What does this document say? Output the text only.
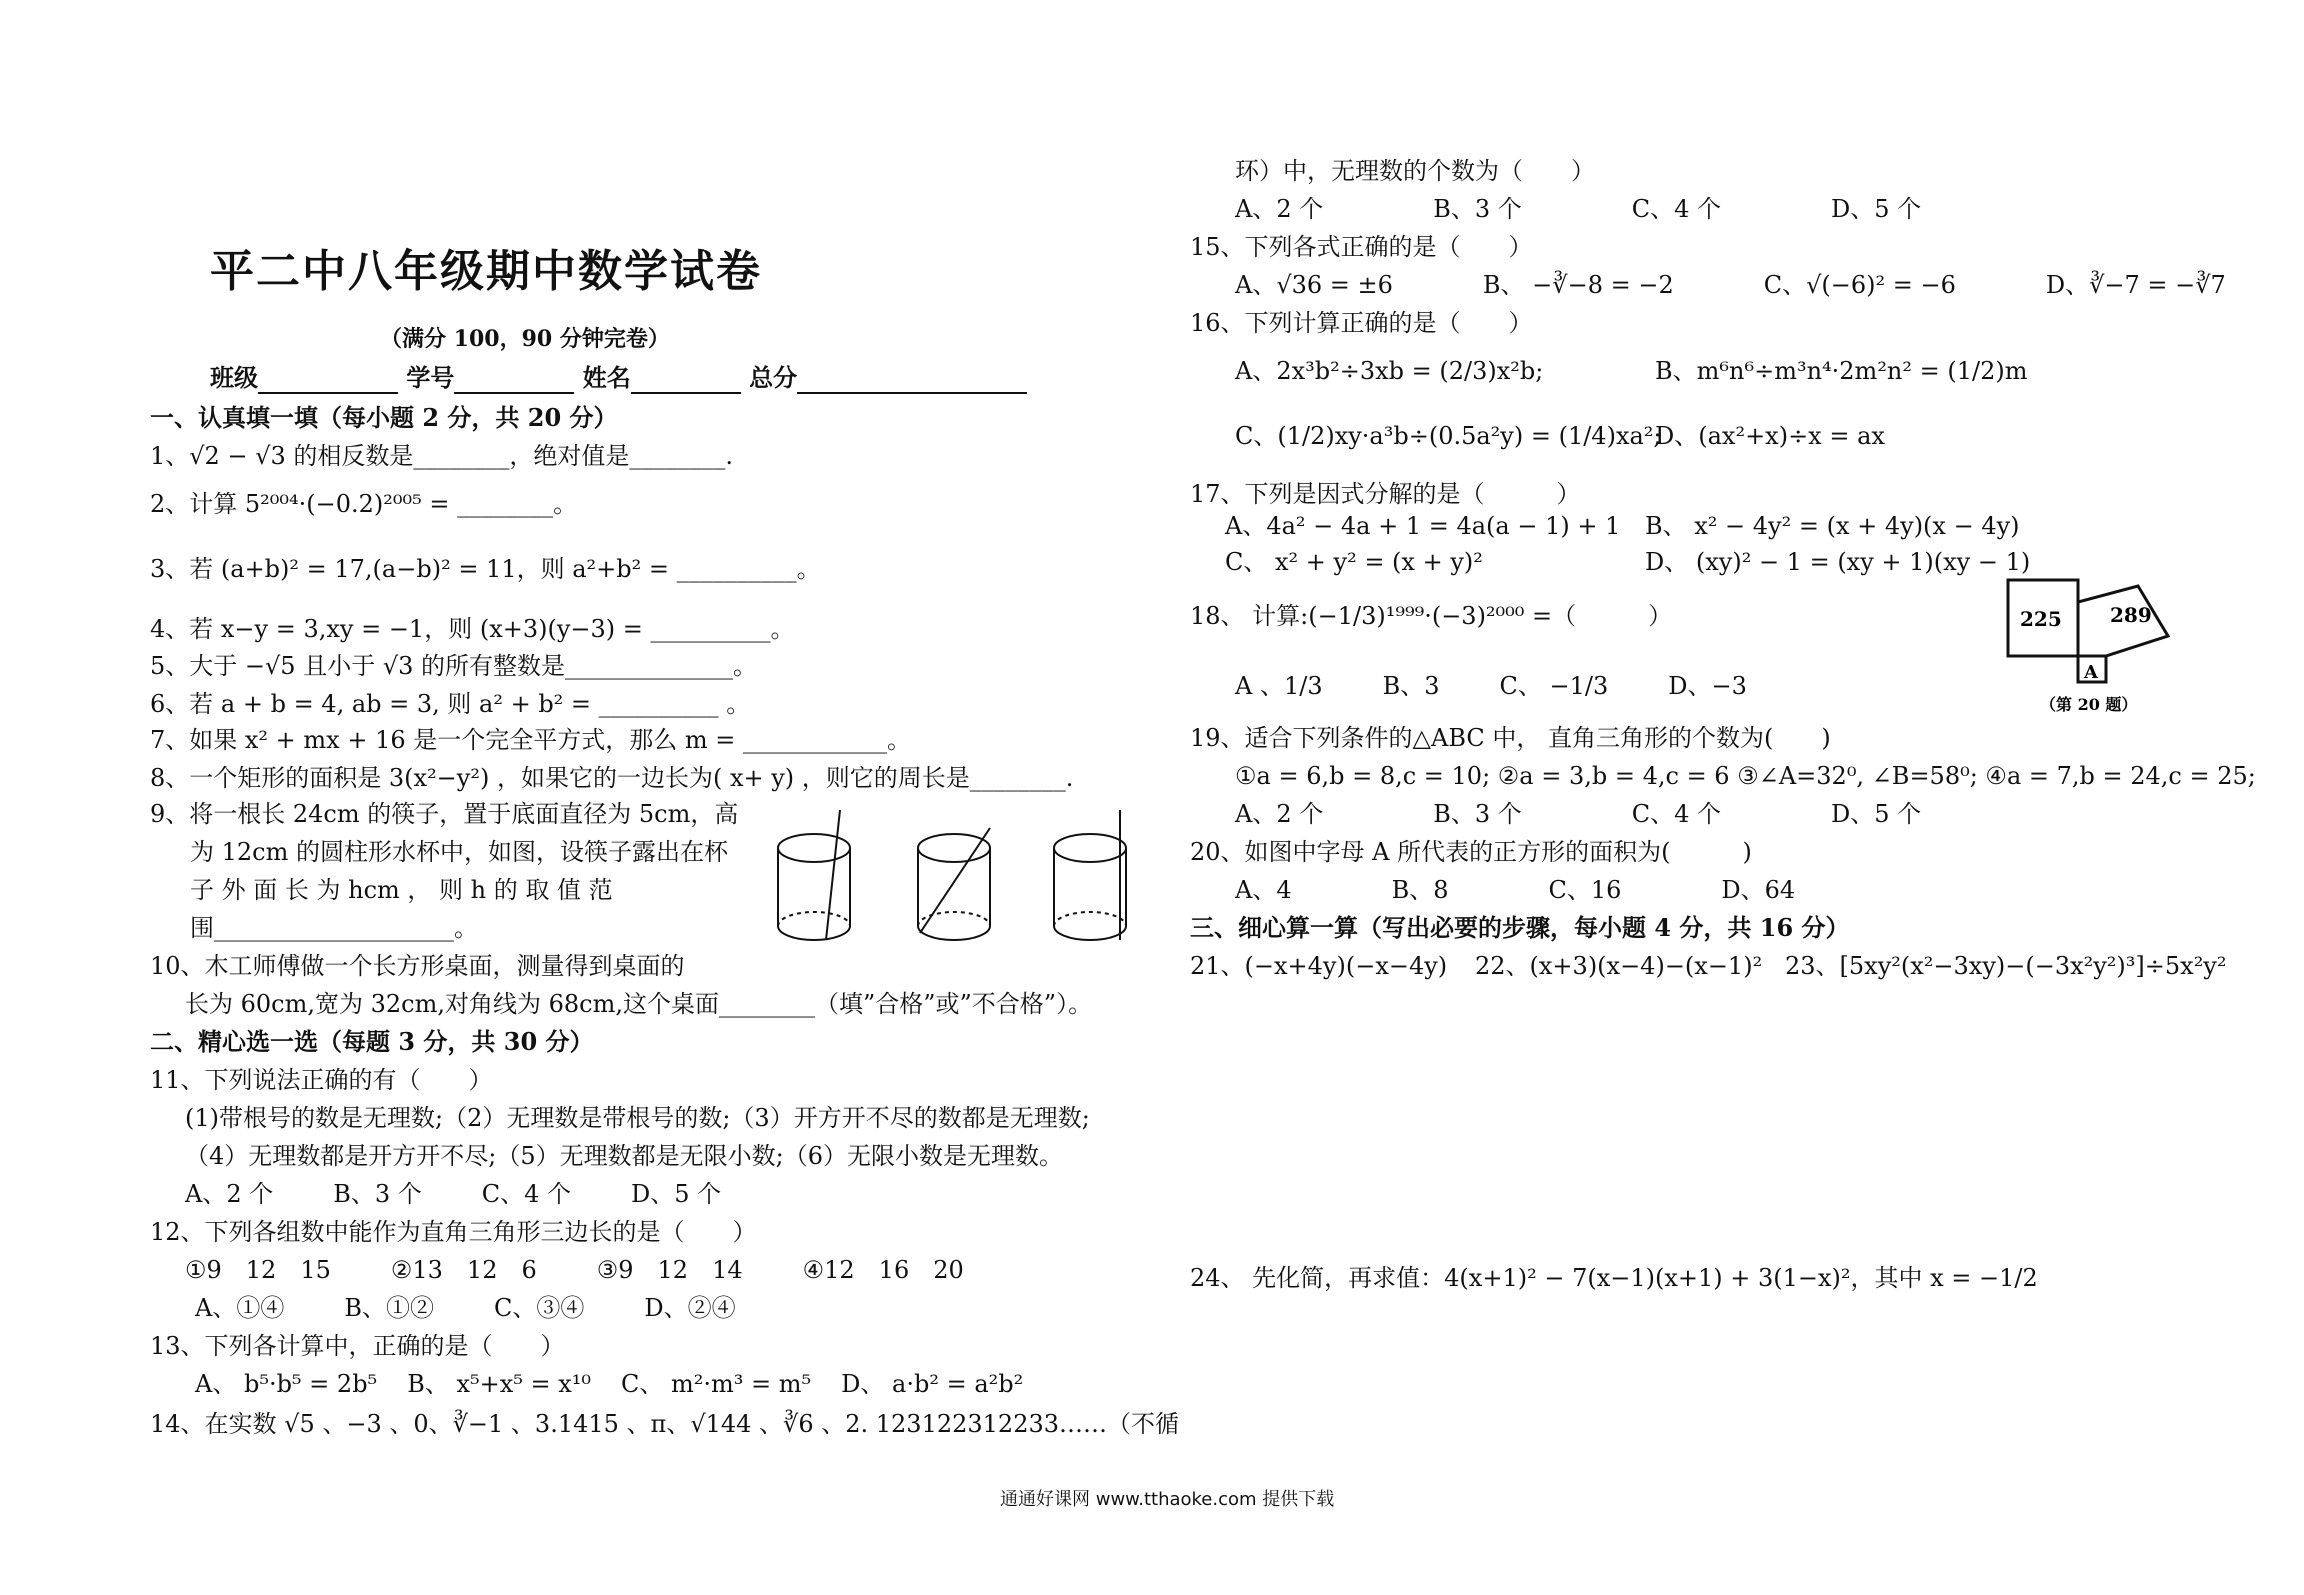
平二中八年级期中数学试卷
（满分 100，90 分钟完卷）
班级	学号	姓名	总分
一、认真填一填（每小题 2 分，共 20 分）
1、√2 − √3 的相反数是________，绝对值是________.
2、计算 5²⁰⁰⁴·(−0.2)²⁰⁰⁵ = ________。
3、若 (a+b)² = 17,(a−b)² = 11，则 a²+b² = __________。
4、若 x−y = 3,xy = −1，则 (x+3)(y−3) = __________。
5、大于 −√5 且小于 √3 的所有整数是______________。
6、若 a + b = 4, ab = 3, 则 a² + b² = __________ 。
7、如果 x² + mx + 16 是一个完全平方式，那么 m = ____________。
8、一个矩形的面积是 3(x²−y²) ，如果它的一边长为( x+ y) ，则它的周长是________.
9、将一根长 24cm 的筷子，置于底面直径为 5cm，高
为 12cm 的圆柱形水杯中，如图，设筷子露出在杯
子 外 面 长 为 hcm ， 则 h 的 取 值 范
围____________________。
10、木工师傅做一个长方形桌面，测量得到桌面的
长为 60cm,宽为 32cm,对角线为 68cm,这个桌面________（填”合格”或”不合格”）。
二、精心选一选（每题 3 分，共 30 分）
11、下列说法正确的有（　　）
(1)带根号的数是无理数;（2）无理数是带根号的数;（3）开方开不尽的数都是无理数;
（4）无理数都是开方开不尽;（5）无理数都是无限小数;（6）无限小数是无理数。
A、2 个	B、3 个	C、4 个	D、5 个
12、下列各组数中能作为直角三角形三边长的是（　　）
①9　12　15	②13　12　6	③9　12　14	④12　16　20
A、①④	B、①②	C、③④	D、②④
13、下列各计算中，正确的是（　　）
A、 b⁵·b⁵ = 2b⁵ B、 x⁵+x⁵ = x¹⁰ C、 m²·m³ = m⁵ D、 a·b² = a²b²
14、在实数 √5 、−3 、0、∛−1 、3.1415 、π、√144 、∛6 、2. 123122312233……（不循
环）中，无理数的个数为（　　）
A、2 个	B、3 个	C、4 个	D、5 个
15、下列各式正确的是（　　）
A、√36 = ±6	B、 −∛−8 = −2	C、√(−6)² = −6	D、∛−7 = −∛7
16、下列计算正确的是（　　）
A、2x³b²÷3xb = (2/3)x²b;	B、m⁶n⁶÷m³n⁴·2m²n² = (1/2)m
C、(1/2)xy·a³b÷(0.5a²y) = (1/4)xa²;
D、(ax²+x)÷x = ax
17、下列是因式分解的是（　　　）
A、4a² − 4a + 1 = 4a(a − 1) + 1 B、 x² − 4y² = (x + 4y)(x − 4y)
C、 x² + y² = (x + y)²	D、 (xy)² − 1 = (xy + 1)(xy − 1)
18、 计算:(−1/3)¹⁹⁹⁹·(−3)²⁰⁰⁰ =（　　　）
A 、1/3	B、3	C、 −1/3	D、−3
225 289
A
（第 20 题）
19、适合下列条件的△ABC 中， 直角三角形的个数为(　　)
①a = 6,b = 8,c = 10; ②a = 3,b = 4,c = 6 ③∠A=32⁰, ∠B=58⁰; ④a = 7,b = 24,c = 25;
A、2 个	B、3 个	C、4 个	D、5 个
20、如图中字母 A 所代表的正方形的面积为(　　　)
A、4	B、8	C、16	D、64
三、细心算一算（写出必要的步骤，每小题 4 分，共 16 分）
21、(−x+4y)(−x−4y) 22、(x+3)(x−4)−(x−1)² 23、[5xy²(x²−3xy)−(−3x²y²)³]÷5x²y²
24、 先化简，再求值：4(x+1)² − 7(x−1)(x+1) + 3(1−x)²，其中 x = −1/2
通通好课网 www.tthaoke.com 提供下载
